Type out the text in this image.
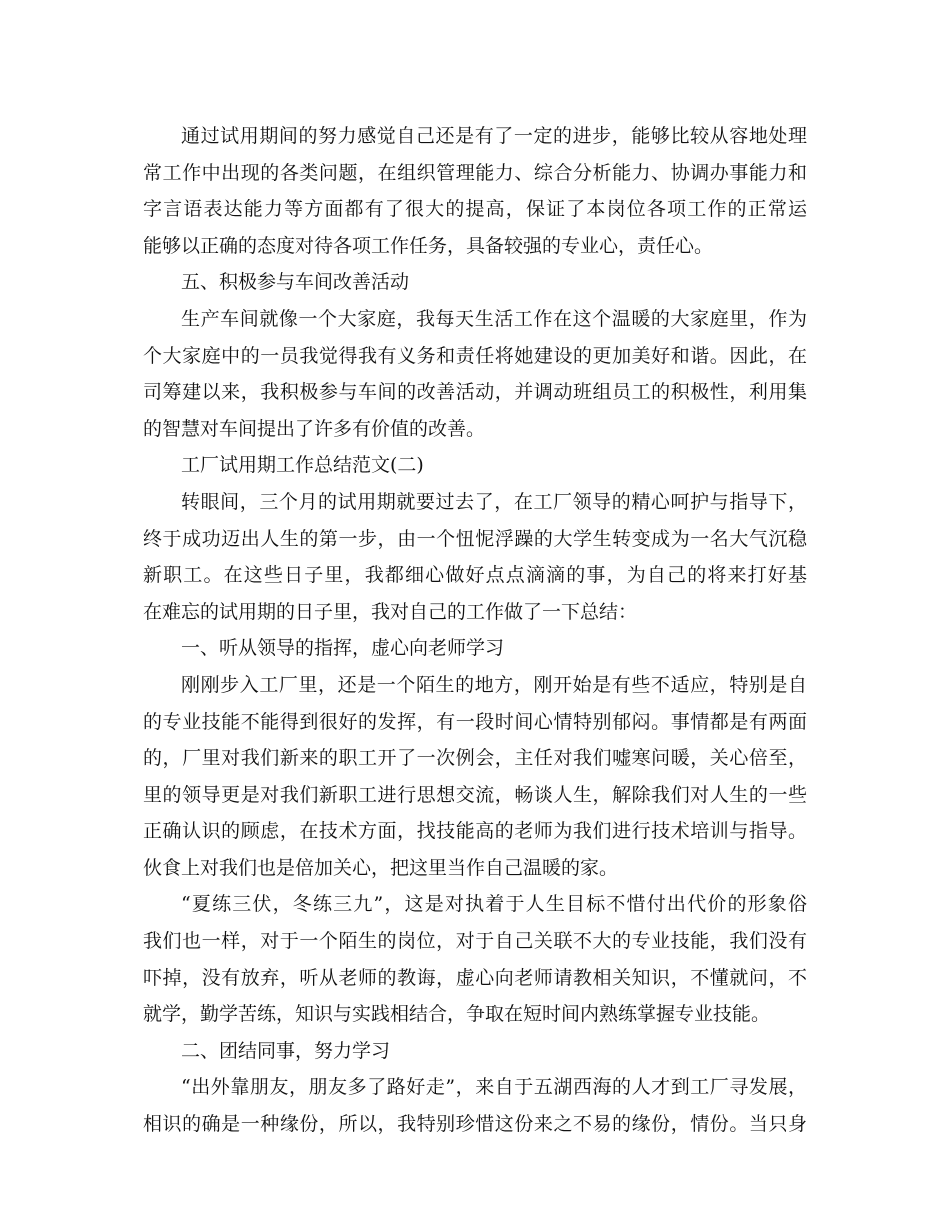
通过试用期间的努力感觉自己还是有了一定的进步，能够比较从容地处理
常工作中出现的各类问题，在组织管理能力、综合分析能力、协调办事能力和
字言语表达能力等方面都有了很大的提高，保证了本岗位各项工作的正常运
能够以正确的态度对待各项工作任务，具备较强的专业心，责任心。
五、积极参与车间改善活动
生产车间就像一个大家庭，我每天生活工作在这个温暖的大家庭里，作为
个大家庭中的一员我觉得我有义务和责任将她建设的更加美好和谐。因此，在
司筹建以来，我积极参与车间的改善活动，并调动班组员工的积极性，利用集
的智慧对车间提出了许多有价值的改善。
工厂试用期工作总结范文(二)
转眼间，三个月的试用期就要过去了，在工厂领导的精心呵护与指导下，
终于成功迈出人生的第一步，由一个忸怩浮躁的大学生转变成为一名大气沉稳
新职工。在这些日子里，我都细心做好点点滴滴的事，为自己的将来打好基
在难忘的试用期的日子里，我对自己的工作做了一下总结：
一、听从领导的指挥，虚心向老师学习
刚刚步入工厂里，还是一个陌生的地方，刚开始是有些不适应，特别是自
的专业技能不能得到很好的发挥，有一段时间心情特别郁闷。事情都是有两面
的，厂里对我们新来的职工开了一次例会，主任对我们嘘寒问暖，关心倍至，
里的领导更是对我们新职工进行思想交流，畅谈人生，解除我们对人生的一些
正确认识的顾虑，在技术方面，找技能高的老师为我们进行技术培训与指导。
伙食上对我们也是倍加关心，把这里当作自己温暖的家。
“夏练三伏，冬练三九”，这是对执着于人生目标不惜付出代价的形象俗
我们也一样，对于一个陌生的岗位，对于自己关联不大的专业技能，我们没有
吓掉，没有放弃，听从老师的教诲，虚心向老师请教相关知识，不懂就问，不
就学，勤学苦练，知识与实践相结合，争取在短时间内熟练掌握专业技能。
二、团结同事，努力学习
“出外靠朋友，朋友多了路好走”，来自于五湖西海的人才到工厂寻发展，
相识的确是一种缘份，所以，我特别珍惜这份来之不易的缘份，情份。当只身
